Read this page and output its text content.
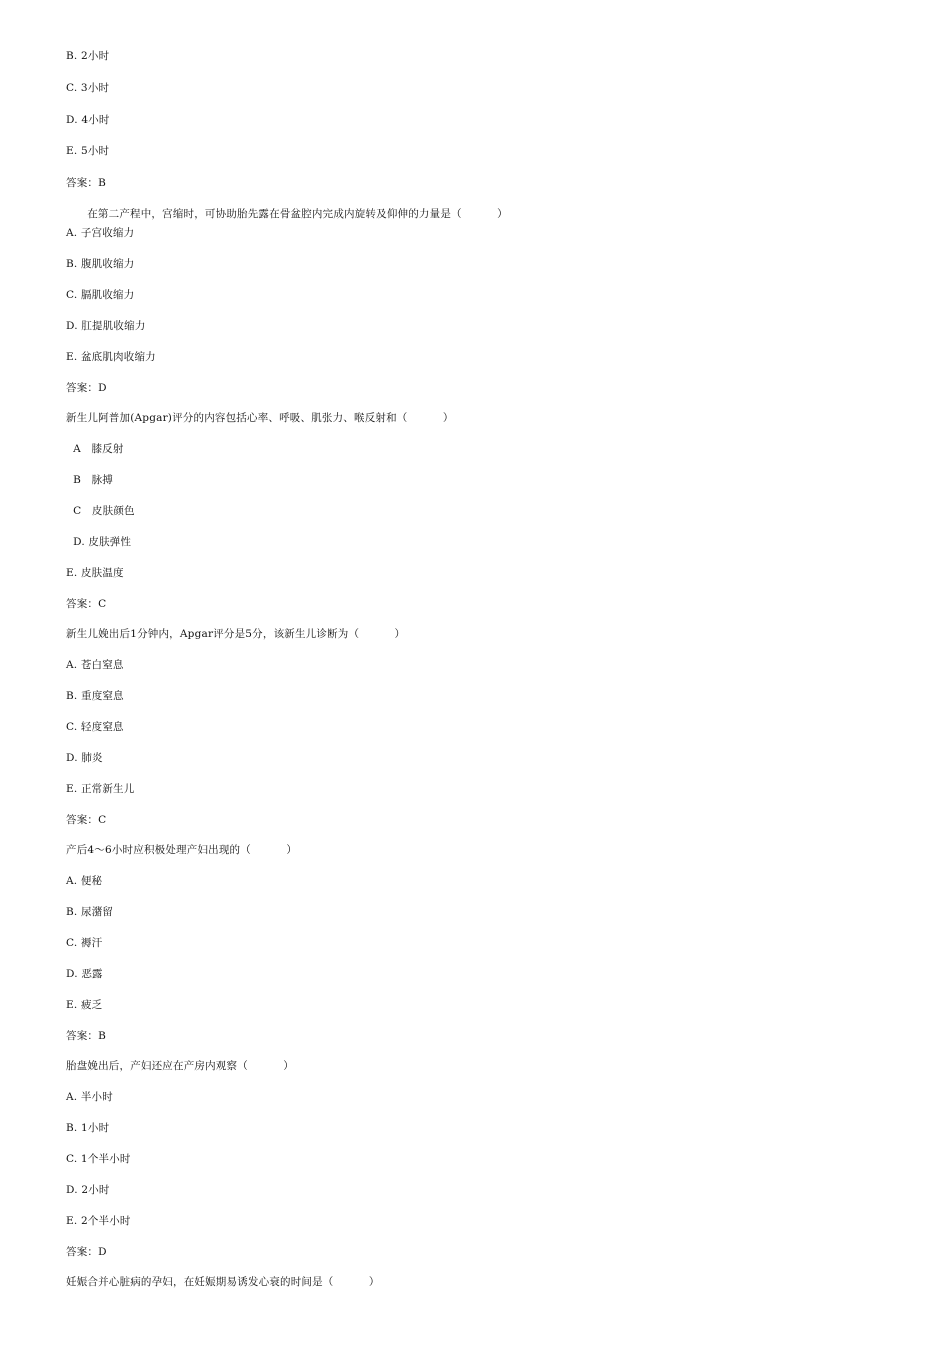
B. 2小时
C. 3小时
D. 4小时
E. 5小时
答案：B
在第二产程中，宫缩时，可协助胎先露在骨盆腔内完成内旋转及仰伸的力量是（          ）
A. 子宫收缩力
B. 腹肌收缩力
C. 膈肌收缩力
D. 肛提肌收缩力
E. 盆底肌肉收缩力
答案：D
新生儿阿普加(Apgar)评分的内容包括心率、呼吸、肌张力、喉反射和（          ）
A   膝反射
B   脉搏
C   皮肤颜色
D. 皮肤弹性
E. 皮肤温度
答案：C
新生儿娩出后1分钟内，Apgar评分是5分，该新生儿诊断为（          ）
A. 苍白窒息
B. 重度窒息
C. 轻度窒息
D. 肺炎
E. 正常新生儿
答案：C
产后4～6小时应积极处理产妇出现的（          ）
A. 便秘
B. 尿潴留
C. 褥汗
D. 恶露
E. 疲乏
答案：B
胎盘娩出后，产妇还应在产房内观察（          ）
A. 半小时
B. 1小时
C. 1个半小时
D. 2小时
E. 2个半小时
答案：D
妊娠合并心脏病的孕妇，在妊娠期易诱发心衰的时间是（          ）
